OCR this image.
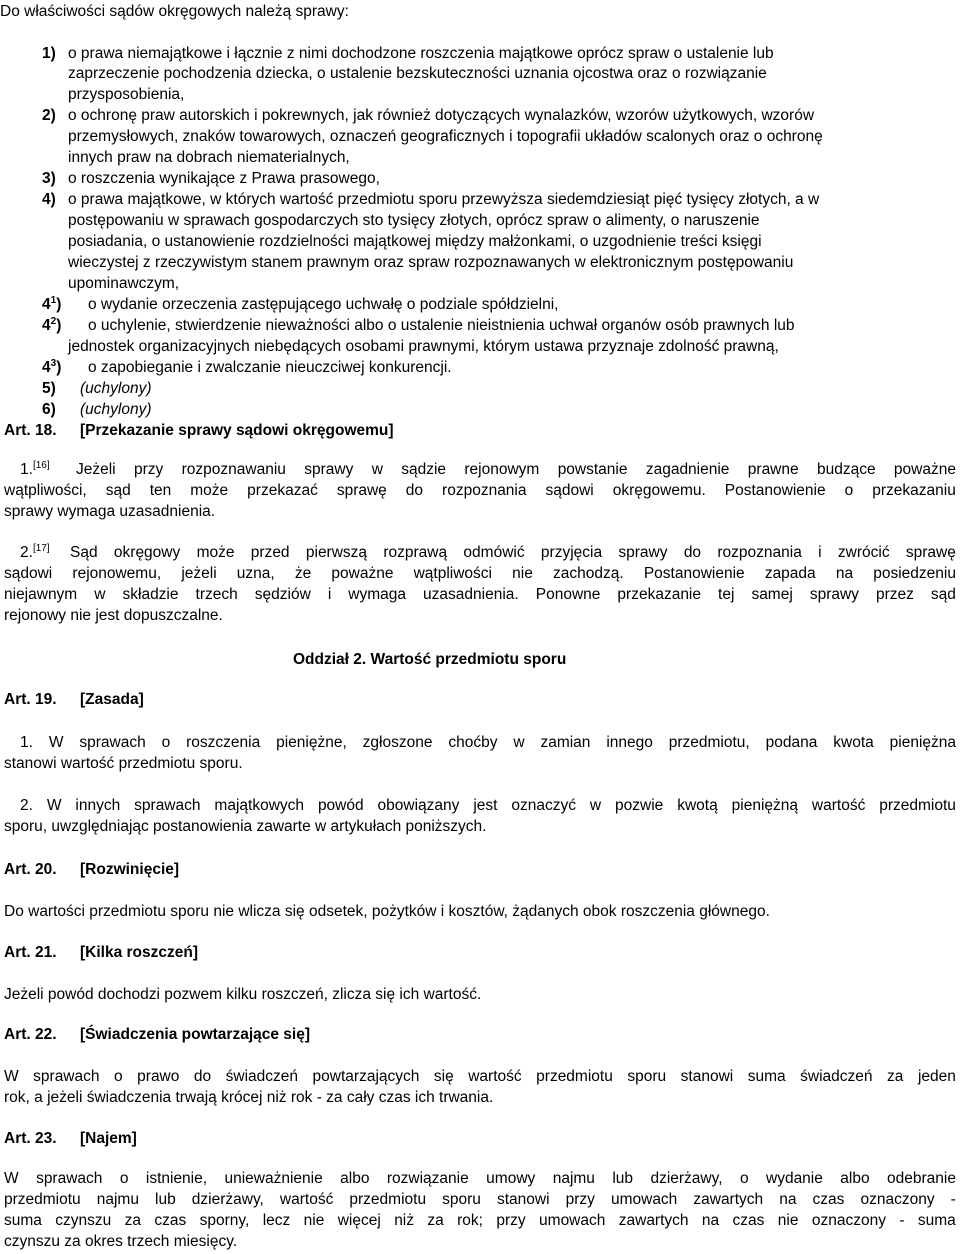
Do właściwości sądów okręgowych należą sprawy:
1) o prawa niemajątkowe i łącznie z nimi dochodzone roszczenia majątkowe oprócz spraw o ustalenie lub
zaprzeczenie pochodzenia dziecka, o ustalenie bezskuteczności uznania ojcostwa oraz o rozwiązanie
przysposobienia,
2) o ochronę praw autorskich i pokrewnych, jak również dotyczących wynalazków, wzorów użytkowych, wzorów
przemysłowych, znaków towarowych, oznaczeń geograficznych i topografii układów scalonych oraz o ochronę
innych praw na dobrach niematerialnych,
3) o roszczenia wynikające z Prawa prasowego,
4) o prawa majątkowe, w których wartość przedmiotu sporu przewyższa siedemdziesiąt pięć tysięcy złotych, a w
postępowaniu w sprawach gospodarczych sto tysięcy złotych, oprócz spraw o alimenty, o naruszenie
posiadania, o ustanowienie rozdzielności majątkowej między małżonkami, o uzgodnienie treści księgi
wieczystej z rzeczywistym stanem prawnym oraz spraw rozpoznawanych w elektronicznym postępowaniu
upominawczym,
$4^1$) o wydanie orzeczenia zastępującego uchwałę o podziale spółdzielni,
$4^2$) o uchylenie, stwierdzenie nieważności albo o ustalenie nieistnienia uchwał organów osób prawnych lub
jednostek organizacyjnych niebędących osobami prawnymi, którym ustawa przyznaje zdolność prawną,
$4^3$) o zapobieganie i zwalczanie nieuczciwej konkurencji.
5) (uchylony)
6) (uchylony)
Art. 18. [Przekazanie sprawy sądowi okręgowemu]
1.[16] Jeżeli przy rozpoznawaniu sprawy w sądzie rejonowym powstanie zagadnienie prawne budzące poważne
wątpliwości, sąd ten może przekazać sprawę do rozpoznania sądowi okręgowemu. Postanowienie o przekazaniu
sprawy wymaga uzasadnienia.
2.[17] Sąd okręgowy może przed pierwszą rozprawą odmówić przyjęcia sprawy do rozpoznania i zwrócić sprawę
sądowi rejonowemu, jeżeli uzna, że poważne wątpliwości nie zachodzą. Postanowienie zapada na posiedzeniu
niejawnym w składzie trzech sędziów i wymaga uzasadnienia. Ponowne przekazanie tej samej sprawy przez sąd
rejonowy nie jest dopuszczalne.
Oddział 2. Wartość przedmiotu sporu
Art. 19. [Zasada]
1. W sprawach o roszczenia pieniężne, zgłoszone choćby w zamian innego przedmiotu, podana kwota pieniężna
stanowi wartość przedmiotu sporu.
2. W innych sprawach majątkowych powód obowiązany jest oznaczyć w pozwie kwotą pieniężną wartość przedmiotu
sporu, uwzględniając postanowienia zawarte w artykułach poniższych.
Art. 20. [Rozwinięcie]
Do wartości przedmiotu sporu nie wlicza się odsetek, pożytków i kosztów, żądanych obok roszczenia głównego.
Art. 21. [Kilka roszczeń]
Jeżeli powód dochodzi pozwem kilku roszczeń, zlicza się ich wartość.
Art. 22. [Świadczenia powtarzające się]
W sprawach o prawo do świadczeń powtarzających się wartość przedmiotu sporu stanowi suma świadczeń za jeden
rok, a jeżeli świadczenia trwają krócej niż rok - za cały czas ich trwania.
Art. 23. [Najem]
W sprawach o istnienie, unieważnienie albo rozwiązanie umowy najmu lub dzierżawy, o wydanie albo odebranie
przedmiotu najmu lub dzierżawy, wartość przedmiotu sporu stanowi przy umowach zawartych na czas oznaczony -
suma czynszu za czas sporny, lecz nie więcej niż za rok; przy umowach zawartych na czas nie oznaczony - suma
czynszu za okres trzech miesięcy.
